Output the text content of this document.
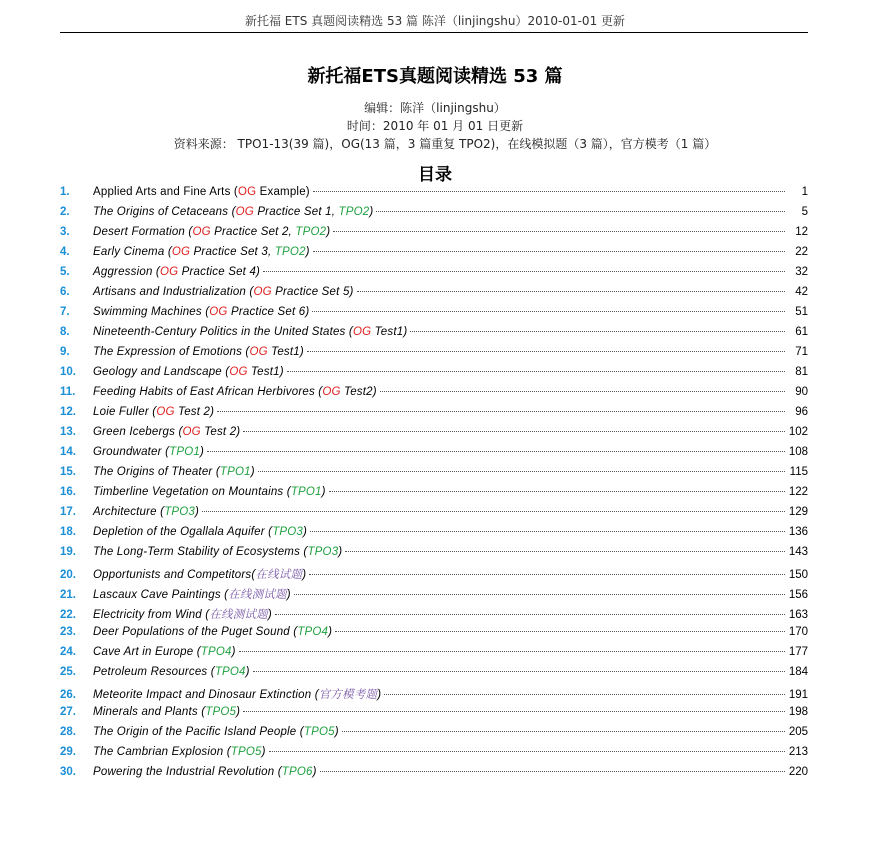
新托福 ETS 真题阅读精选 53 篇 陈洋（linjingshu）2010-01-01 更新
新托福ETS真题阅读精选 53 篇
编辑：陈洋（linjingshu）
时间：2010 年 01 月 01 日更新
资料来源： TPO1-13(39 篇)，OG(13 篇，3 篇重复 TPO2)，在线模拟题（3 篇），官方模考（1 篇）
目录
1.	Applied Arts and Fine Arts (OG Example)	1
2.	The Origins of Cetaceans (OG Practice Set 1, TPO2)	5
3.	Desert Formation (OG Practice Set 2, TPO2)	12
4.	Early Cinema (OG Practice Set 3, TPO2)	22
5.	Aggression (OG Practice Set 4)	32
6.	Artisans and Industrialization (OG Practice Set 5)	42
7.	Swimming Machines (OG Practice Set 6)	51
8.	Nineteenth-Century Politics in the United States (OG Test1)	61
9.	The Expression of Emotions (OG Test1)	71
10.	Geology and Landscape (OG Test1)	81
11.	Feeding Habits of East African Herbivores (OG Test2)	90
12.	Loie Fuller (OG Test 2)	96
13.	Green Icebergs (OG Test 2)	102
14.	Groundwater (TPO1)	108
15.	The Origins of Theater (TPO1)	115
16.	Timberline Vegetation on Mountains (TPO1)	122
17.	Architecture (TPO3)	129
18.	Depletion of the Ogallala Aquifer (TPO3)	136
19.	The Long-Term Stability of Ecosystems (TPO3)	143
20.	Opportunists and Competitors(在线试题)	150
21.	Lascaux Cave Paintings (在线测试题)	156
22.	Electricity from Wind (在线测试题)	163
23.	Deer Populations of the Puget Sound (TPO4)	170
24.	Cave Art in Europe (TPO4)	177
25.	Petroleum Resources (TPO4)	184
26.	Meteorite Impact and Dinosaur Extinction (官方模考题)	191
27.	Minerals and Plants (TPO5)	198
28.	The Origin of the Pacific Island People (TPO5)	205
29.	The Cambrian Explosion (TPO5)	213
30.	Powering the Industrial Revolution (TPO6)	220
